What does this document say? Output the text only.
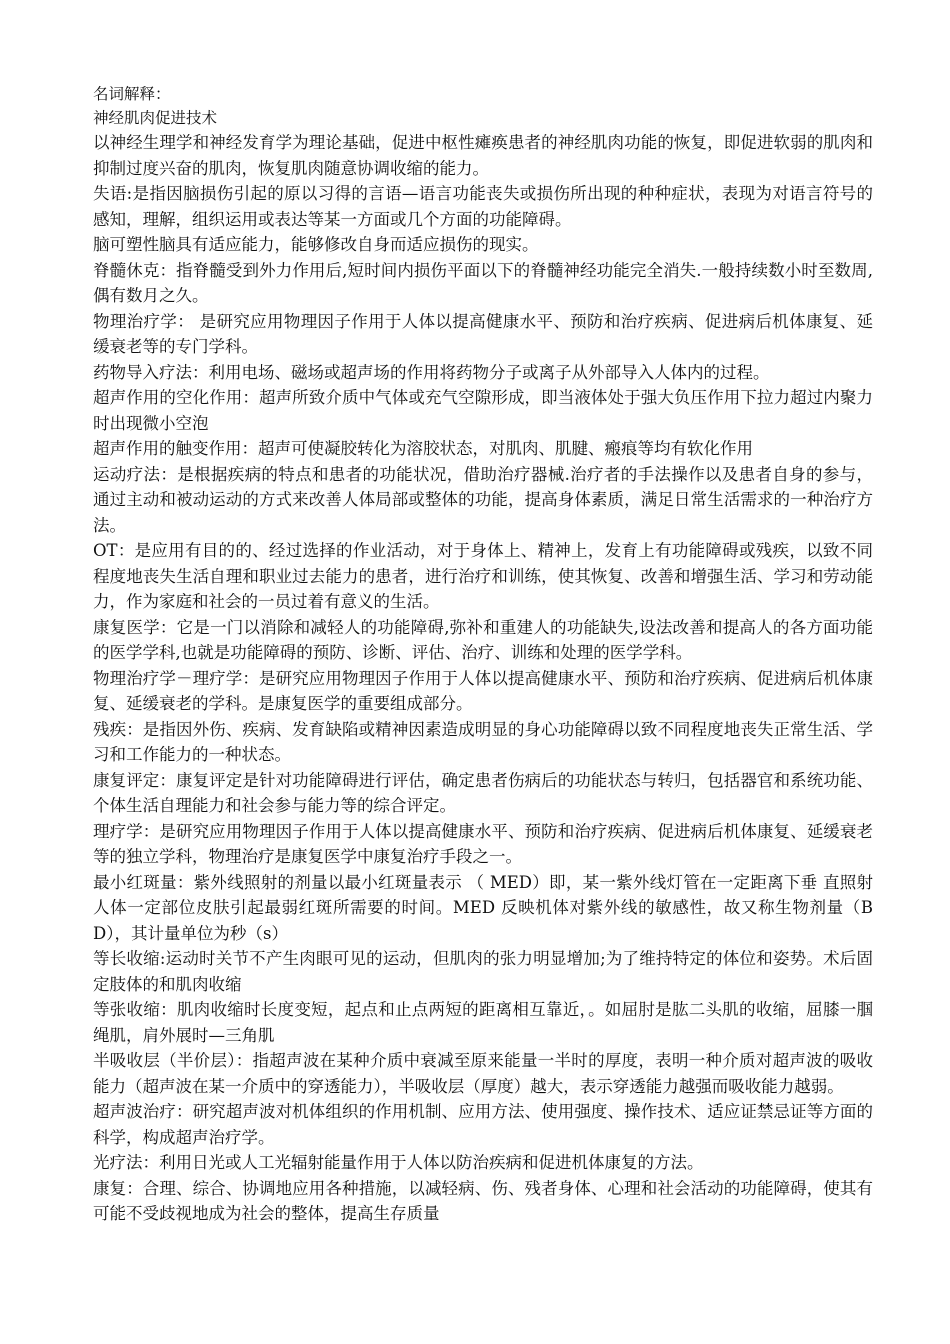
名词解释：

神经肌肉促进技术

以神经生理学和神经发育学为理论基础，促进中枢性瘫痪患者的神经肌肉功能的恢复，即促进软弱的肌肉和抑制过度兴奋的肌肉，恢复肌肉随意协调收缩的能力。

失语:是指因脑损伤引起的原以习得的言语—语言功能丧失或损伤所出现的种种症状，表现为对语言符号的感知，理解，组织运用或表达等某一方面或几个方面的功能障碍。

脑可塑性脑具有适应能力，能够修改自身而适应损伤的现实。

脊髓休克：指脊髓受到外力作用后,短时间内损伤平面以下的脊髓神经功能完全消失.一般持续数小时至数周,偶有数月之久。

物理治疗学： 是研究应用物理因子作用于人体以提高健康水平、预防和治疗疾病、促进病后机体康复、延缓衰老等的专门学科。

药物导入疗法：利用电场、磁场或超声场的作用将药物分子或离子从外部导入人体内的过程。

超声作用的空化作用：超声所致介质中气体或充气空隙形成，即当液体处于强大负压作用下拉力超过内聚力时出现微小空泡

超声作用的触变作用：超声可使凝胶转化为溶胶状态，对肌肉、肌腱、瘢痕等均有软化作用

运动疗法：是根据疾病的特点和患者的功能状况，借助治疗器械.治疗者的手法操作以及患者自身的参与，通过主动和被动运动的方式来改善人体局部或整体的功能，提高身体素质，满足日常生活需求的一种治疗方法。

OT：是应用有目的的、经过选择的作业活动，对于身体上、精神上，发育上有功能障碍或残疾，以致不同程度地丧失生活自理和职业过去能力的患者，进行治疗和训练，使其恢复、改善和增强生活、学习和劳动能力，作为家庭和社会的一员过着有意义的生活。

康复医学：它是一门以消除和减轻人的功能障碍,弥补和重建人的功能缺失,设法改善和提高人的各方面功能的医学学科,也就是功能障碍的预防、诊断、评估、治疗、训练和处理的医学学科。

物理治疗学－理疗学：是研究应用物理因子作用于人体以提高健康水平、预防和治疗疾病、促进病后机体康复、延缓衰老的学科。是康复医学的重要组成部分。

残疾：是指因外伤、疾病、发育缺陷或精神因素造成明显的身心功能障碍以致不同程度地丧失正常生活、学习和工作能力的一种状态。

康复评定：康复评定是针对功能障碍进行评估，确定患者伤病后的功能状态与转归，包括器官和系统功能、个体生活自理能力和社会参与能力等的综合评定。

理疗学：是研究应用物理因子作用于人体以提高健康水平、预防和治疗疾病、促进病后机体康复、延缓衰老等的独立学科，物理治疗是康复医学中康复治疗手段之一。

最小红斑量：紫外线照射的剂量以最小红斑量表示 （ MED）即，某一紫外线灯管在一定距离下垂 直照射人体一定部位皮肤引起最弱红斑所需要的时间。MED 反映机体对紫外线的敏感性，故又称生物剂量（BD），其计量单位为秒（s）

等长收缩:运动时关节不产生肉眼可见的运动，但肌肉的张力明显增加;为了维持特定的体位和姿势。术后固定肢体的和肌肉收缩

等张收缩：肌肉收缩时长度变短，起点和止点两短的距离相互靠近，。如屈肘是肱二头肌的收缩，屈膝一腘绳肌，肩外展时—三角肌

半吸收层（半价层）：指超声波在某种介质中衰减至原来能量一半时的厚度，表明一种介质对超声波的吸收能力（超声波在某一介质中的穿透能力），半吸收层（厚度）越大，表示穿透能力越强而吸收能力越弱。

超声波治疗：研究超声波对机体组织的作用机制、应用方法、使用强度、操作技术、适应证禁忌证等方面的科学，构成超声治疗学。

光疗法：利用日光或人工光辐射能量作用于人体以防治疾病和促进机体康复的方法。

康复：合理、综合、协调地应用各种措施，以减轻病、伤、残者身体、心理和社会活动的功能障碍，使其有可能不受歧视地成为社会的整体，提高生存质量
